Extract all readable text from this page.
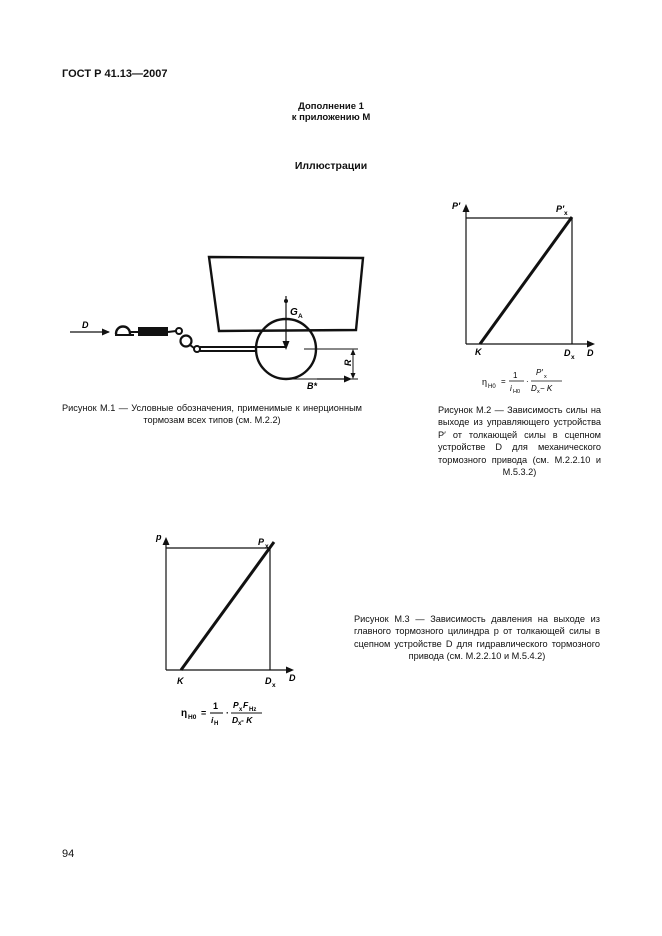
ГОСТ Р 41.13—2007
Дополнение 1
к приложению М
Иллюстрации
G A
R
B*
D
Рисунок М.1 — Условные обозначения, применимые к инерционным тормозам всех типов (см. М.2.2)
P′	P′ x
K	D x D
η H0
=
1
i H0
·
P′ x
D x − K
Рисунок М.2 — Зависимость силы на выходе из управляющего устройства P′ от толкающей силы в сцепном устройстве D для механического тормозного привода (см. М.2.2.10 и М.5.3.2)
p	P x
K	D x
D
η H0 =
1
i H
·
P x F Hz
D x - K
Рисунок М.3 — Зависимость давления на выходе из главного тормозного цилиндра p от толкающей силы в сцепном устройстве D для гидравлического тормозного привода (см. М.2.2.10 и М.5.4.2)
94
